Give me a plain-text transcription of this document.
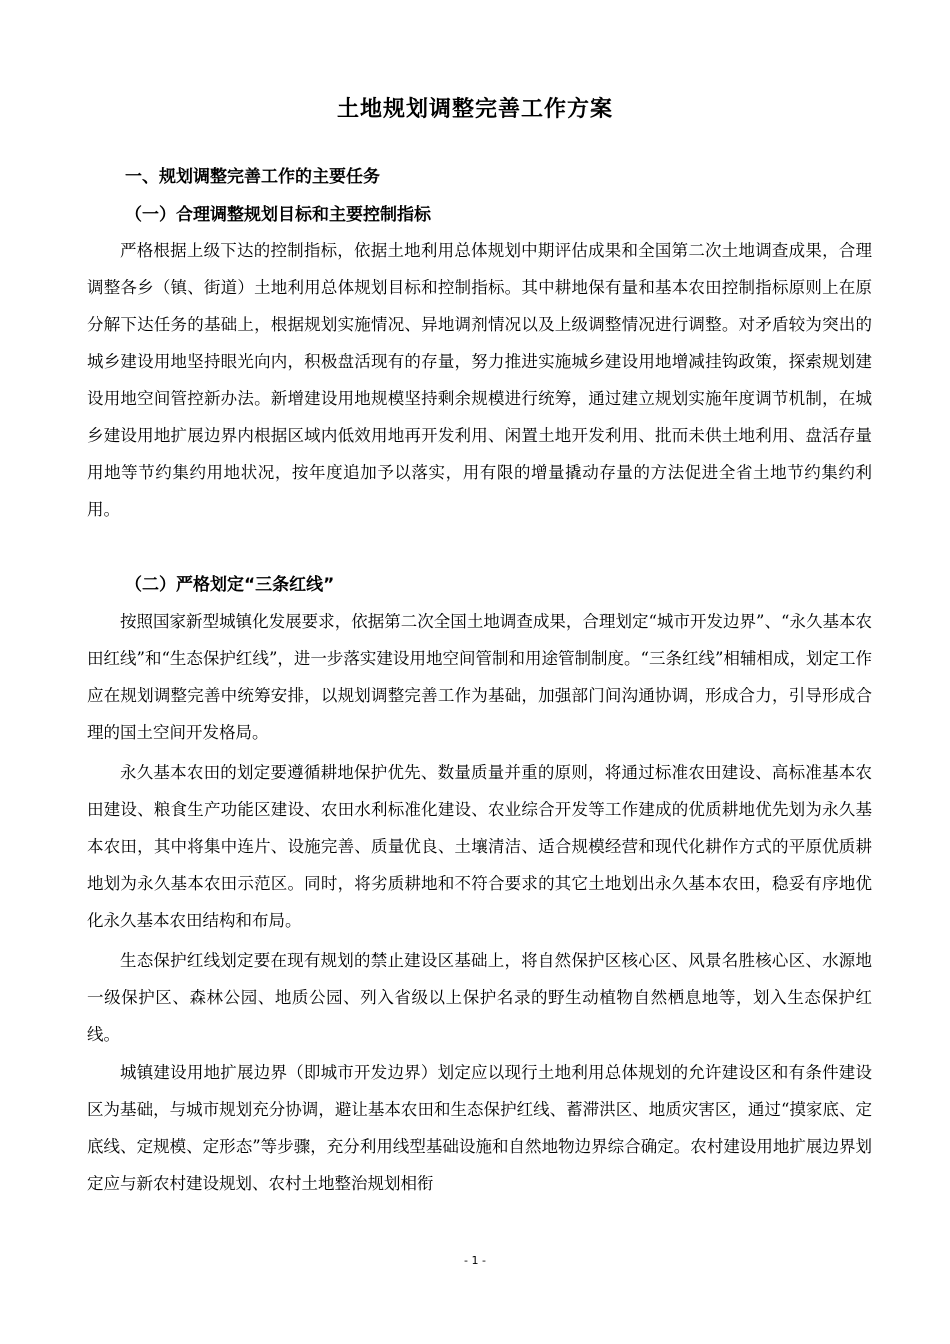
土地规划调整完善工作方案
一、规划调整完善工作的主要任务
（一）合理调整规划目标和主要控制指标

严格根据上级下达的控制指标，依据土地利用总体规划中期评估成果和全国第二次土地调查成果，合理调整各乡（镇、街道）土地利用总体规划目标和控制指标。其中耕地保有量和基本农田控制指标原则上在原分解下达任务的基础上，根据规划实施情况、异地调剂情况以及上级调整情况进行调整。对矛盾较为突出的城乡建设用地坚持眼光向内，积极盘活现有的存量，努力推进实施城乡建设用地增减挂钩政策，探索规划建设用地空间管控新办法。新增建设用地规模坚持剩余规模进行统筹，通过建立规划实施年度调节机制，在城乡建设用地扩展边界内根据区域内低效用地再开发利用、闲置土地开发利用、批而未供土地利用、盘活存量用地等节约集约用地状况，按年度追加予以落实，用有限的增量撬动存量的方法促进全省土地节约集约利用。

（二）严格划定“三条红线”

按照国家新型城镇化发展要求，依据第二次全国土地调查成果，合理划定“城市开发边界”、“永久基本农田红线”和“生态保护红线”，进一步落实建设用地空间管制和用途管制制度。“三条红线”相辅相成，划定工作应在规划调整完善中统筹安排，以规划调整完善工作为基础，加强部门间沟通协调，形成合力，引导形成合理的国土空间开发格局。

永久基本农田的划定要遵循耕地保护优先、数量质量并重的原则，将通过标准农田建设、高标准基本农田建设、粮食生产功能区建设、农田水利标准化建设、农业综合开发等工作建成的优质耕地优先划为永久基本农田，其中将集中连片、设施完善、质量优良、土壤清洁、适合规模经营和现代化耕作方式的平原优质耕地划为永久基本农田示范区。同时，将劣质耕地和不符合要求的其它土地划出永久基本农田，稳妥有序地优化永久基本农田结构和布局。

生态保护红线划定要在现有规划的禁止建设区基础上，将自然保护区核心区、风景名胜核心区、水源地一级保护区、森林公园、地质公园、列入省级以上保护名录的野生动植物自然栖息地等，划入生态保护红线。

城镇建设用地扩展边界（即城市开发边界）划定应以现行土地利用总体规划的允许建设区和有条件建设区为基础，与城市规划充分协调，避让基本农田和生态保护红线、蓄滞洪区、地质灾害区，通过“摸家底、定底线、定规模、定形态”等步骤，充分利用线型基础设施和自然地物边界综合确定。农村建设用地扩展边界划定应与新农村建设规划、农村土地整治规划相衔

- 1 -
